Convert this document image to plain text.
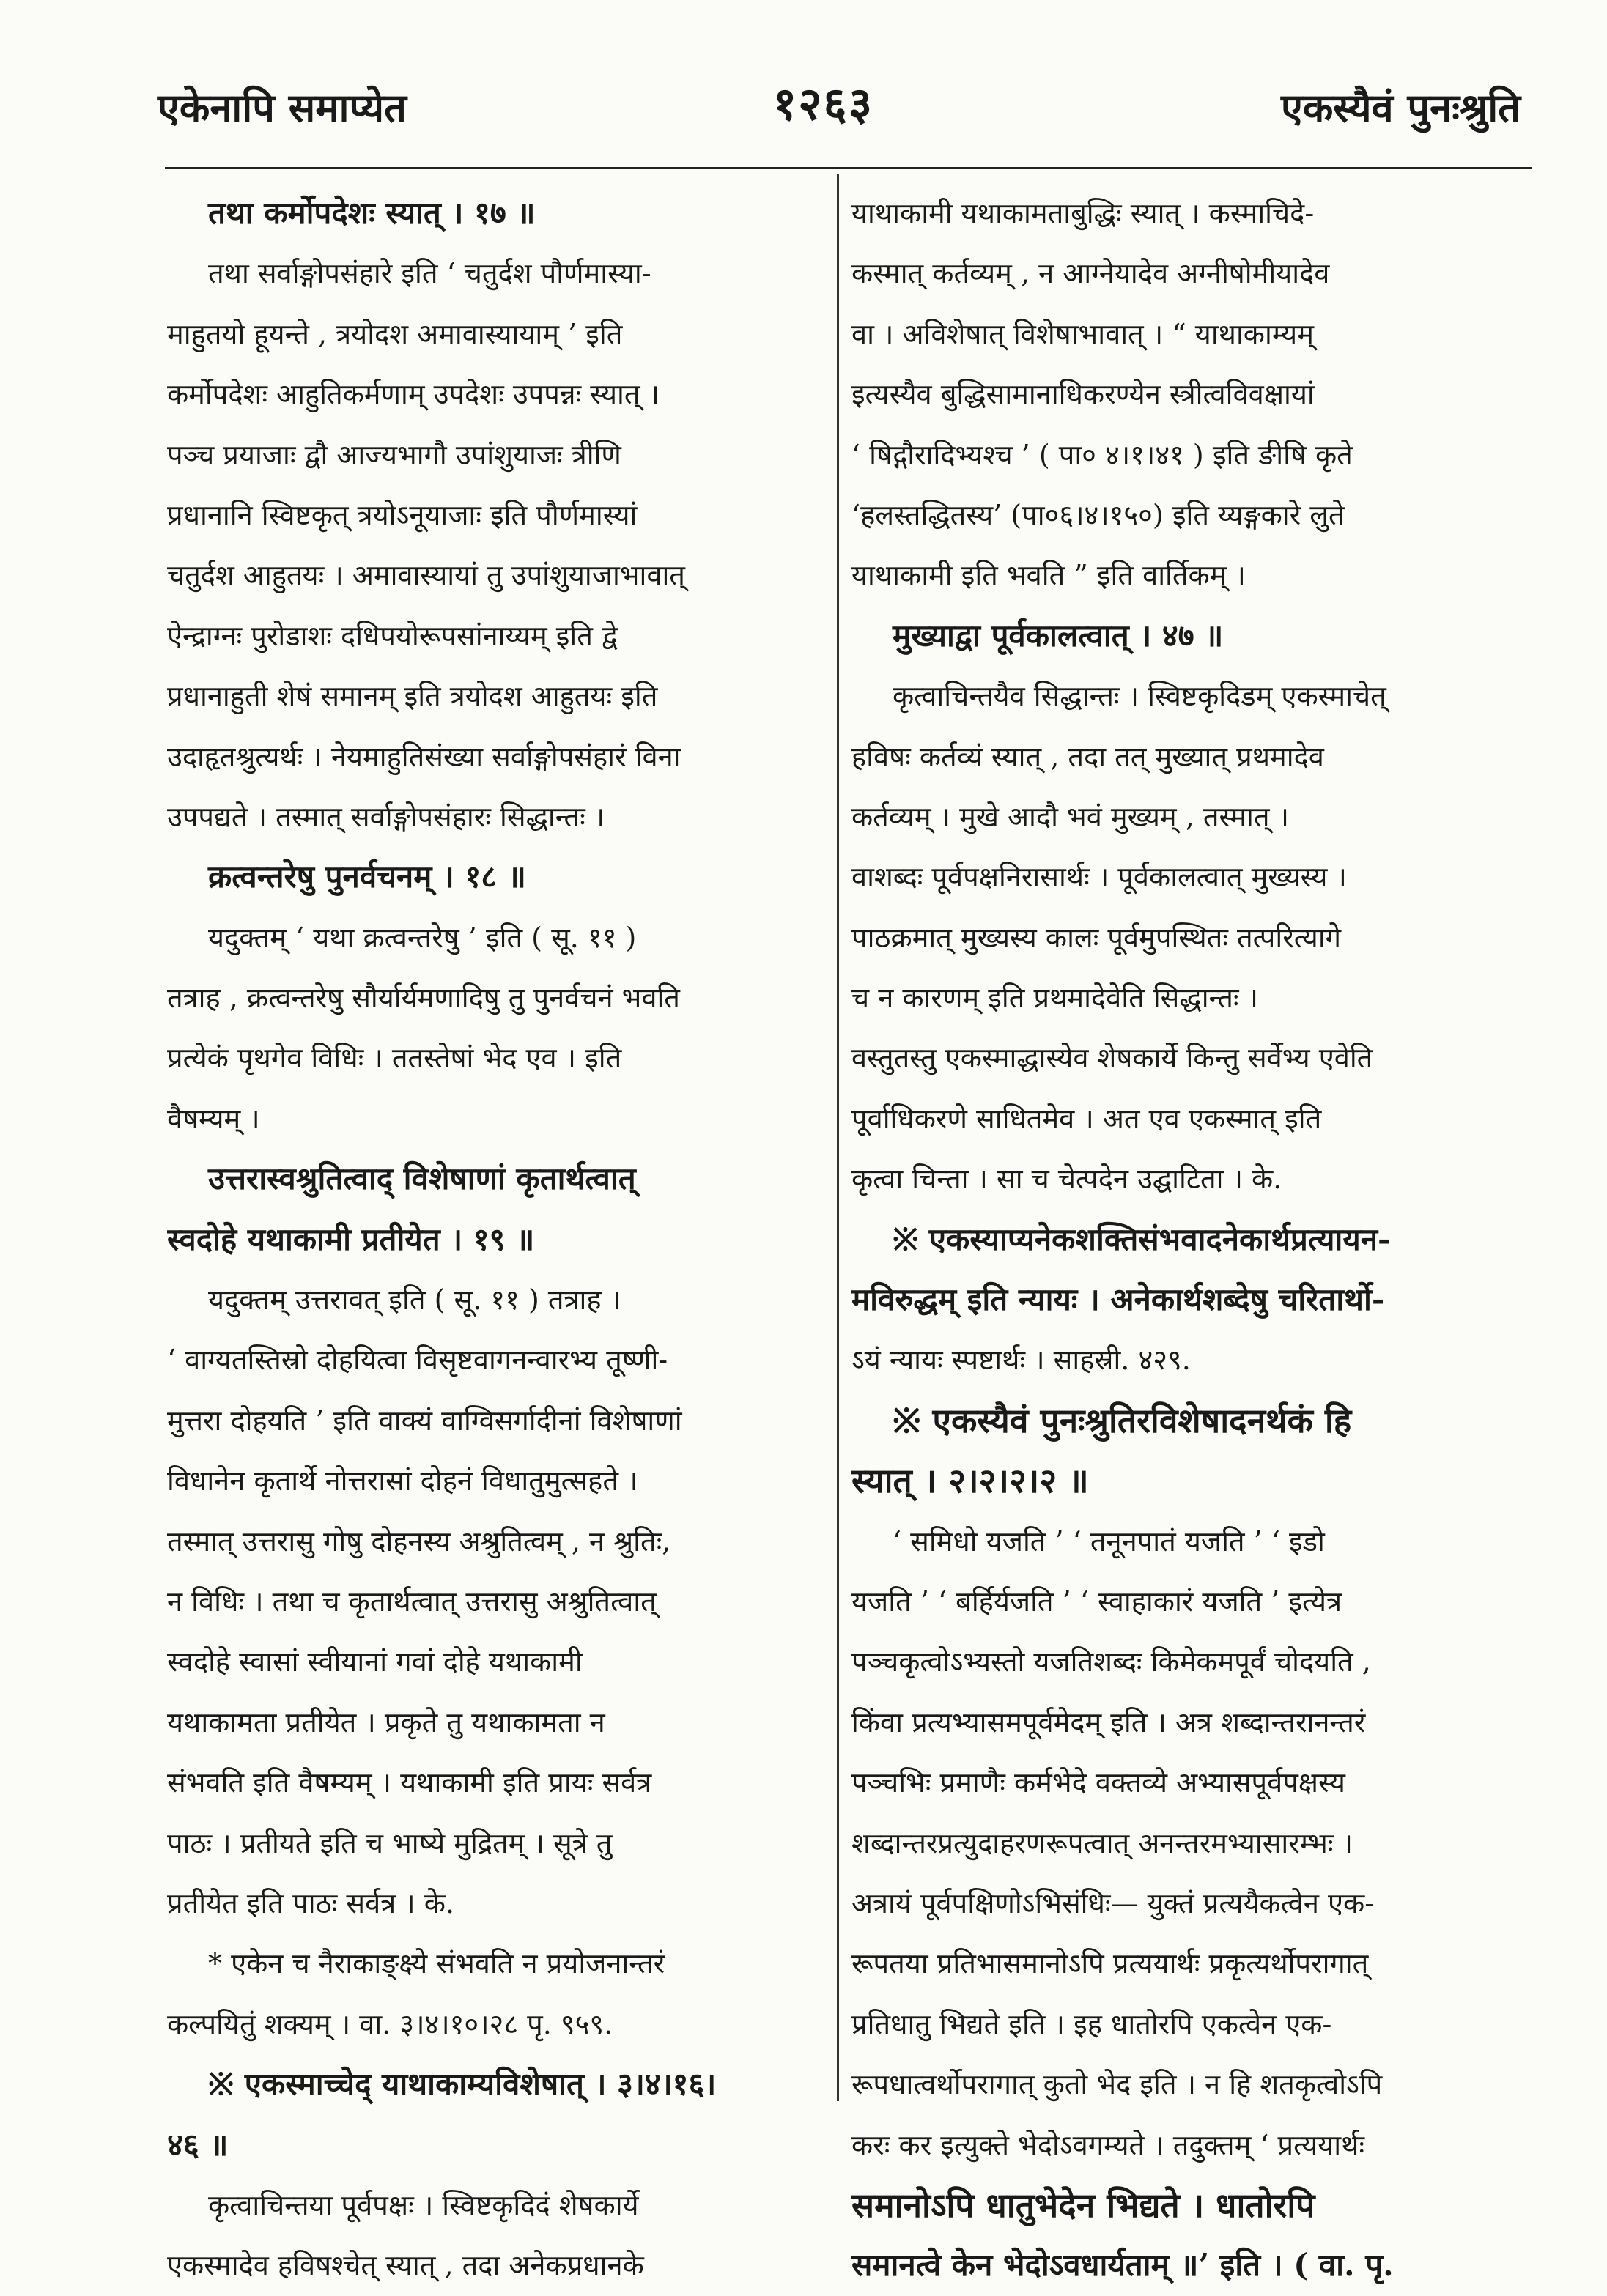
एकेनापि समाप्येत	१२६३	एकस्यैवं पुनःश्रुति
तथा कर्मोपदेशः स्यात् । १७ ॥
तथा सर्वाङ्गोपसंहारे इति ‘ चतुर्दश पौर्णमास्या-
माहुतयो हूयन्ते , त्रयोदश अमावास्यायाम् ’ इति
कर्मोपदेशः आहुतिकर्मणाम् उपदेशः उपपन्नः स्यात् ।
पञ्च प्रयाजाः द्वौ आज्यभागौ उपांशुयाजः त्रीणि
प्रधानानि स्विष्टकृत् त्रयोऽनूयाजाः इति पौर्णमास्यां
चतुर्दश आहुतयः । अमावास्यायां तु उपांशुयाजाभावात्
ऐन्द्राग्नः पुरोडाशः दधिपयोरूपसांनाय्यम् इति द्वे
प्रधानाहुती शेषं समानम् इति त्रयोदश आहुतयः इति
उदाहृतश्रुत्यर्थः । नेयमाहुतिसंख्या सर्वाङ्गोपसंहारं विना
उपपद्यते । तस्मात् सर्वाङ्गोपसंहारः सिद्धान्तः ।
क्रत्वन्तरेषु पुनर्वचनम् । १८ ॥
यदुक्तम् ‘ यथा क्रत्वन्तरेषु ’ इति ( सू. ११ )
तत्राह , क्रत्वन्तरेषु सौर्यार्यमणादिषु तु पुनर्वचनं भवति
प्रत्येकं पृथगेव विधिः । ततस्तेषां भेद एव । इति
वैषम्यम् ।
उत्तरास्वश्रुतित्वाद् विशेषाणां कृतार्थत्वात्
स्वदोहे यथाकामी प्रतीयेत । १९ ॥
यदुक्तम् उत्तरावत् इति ( सू. ११ ) तत्राह ।
‘ वाग्यतस्तिस्रो दोहयित्वा विसृष्टवागनन्वारभ्य तूष्णी-
मुत्तरा दोहयति ’ इति वाक्यं वाग्विसर्गादीनां विशेषाणां
विधानेन कृतार्थे नोत्तरासां दोहनं विधातुमुत्सहते ।
तस्मात् उत्तरासु गोषु दोहनस्य अश्रुतित्वम् , न श्रुतिः,
न विधिः । तथा च कृतार्थत्वात् उत्तरासु अश्रुतित्वात्
स्वदोहे स्वासां स्वीयानां गवां दोहे यथाकामी
यथाकामता प्रतीयेत । प्रकृते तु यथाकामता न
संभवति इति वैषम्यम् । यथाकामी इति प्रायः सर्वत्र
पाठः । प्रतीयते इति च भाष्ये मुद्रितम् । सूत्रे तु
प्रतीयेत इति पाठः सर्वत्र । के.
* एकेन च नैराकाङ्क्ष्ये संभवति न प्रयोजनान्तरं
कल्पयितुं शक्यम् । वा. ३।४।१०।२८ पृ. ९५९.
※ एकस्माच्चेद् याथाकाम्यविशेषात् । ३।४।१६।
४६ ॥
कृत्वाचिन्तया पूर्वपक्षः । स्विष्टकृदिदं शेषकार्ये
एकस्मादेव हविषश्चेत् स्यात् , तदा अनेकप्रधानके
याथाकामी यथाकामताबुद्धिः स्यात् । कस्माचिदे-
कस्मात् कर्तव्यम् , न आग्नेयादेव अग्नीषोमीयादेव
वा । अविशेषात् विशेषाभावात् । “ याथाकाम्यम्
इत्यस्यैव बुद्धिसामानाधिकरण्येन स्त्रीत्वविवक्षायां
‘ षिद्गौरादिभ्यश्च ’ ( पा० ४।१।४१ ) इति ङीषि कृते
‘हलस्तद्धितस्य’ (पा०६।४।१५०) इति य्यङ्गकारे लुते
याथाकामी इति भवति ” इति वार्तिकम् ।
मुख्याद्वा पूर्वकालत्वात् । ४७ ॥
कृत्वाचिन्तयैव सिद्धान्तः । स्विष्टकृदिडम् एकस्माचेत्
हविषः कर्तव्यं स्यात् , तदा तत् मुख्यात् प्रथमादेव
कर्तव्यम् । मुखे आदौ भवं मुख्यम् , तस्मात् ।
वाशब्दः पूर्वपक्षनिरासार्थः । पूर्वकालत्वात् मुख्यस्य ।
पाठक्रमात् मुख्यस्य कालः पूर्वमुपस्थितः तत्परित्यागे
च न कारणम् इति प्रथमादेवेति सिद्धान्तः ।
वस्तुतस्तु एकस्माद्धास्येव शेषकार्ये किन्तु सर्वेभ्य एवेति
पूर्वाधिकरणे साधितमेव । अत एव एकस्मात् इति
कृत्वा चिन्ता । सा च चेत्पदेन उद्घाटिता । के.
※ एकस्याप्यनेकशक्तिसंभवादनेकार्थप्रत्यायन-
मविरुद्धम् इति न्यायः । अनेकार्थशब्देषु चरितार्थो-
ऽयं न्यायः स्पष्टार्थः । साहस्री. ४२९.
※ एकस्यैवं पुनःश्रुतिरविशेषादनर्थकं हि
स्यात् । २।२।२।२ ॥
‘ समिधो यजति ’ ‘ तनूनपातं यजति ’ ‘ इडो
यजति ’ ‘ बर्हिर्यजति ’ ‘ स्वाहाकारं यजति ’ इत्येत्र
पञ्चकृत्वोऽभ्यस्तो यजतिशब्दः किमेकमपूर्वं चोदयति ,
किंवा प्रत्यभ्यासमपूर्वमेदम् इति । अत्र शब्दान्तरानन्तरं
पञ्चभिः प्रमाणैः कर्मभेदे वक्तव्ये अभ्यासपूर्वपक्षस्य
शब्दान्तरप्रत्युदाहरणरूपत्वात् अनन्तरमभ्यासारम्भः ।
अत्रायं पूर्वपक्षिणोऽभिसंधिः— युक्तं प्रत्ययैकत्वेन एक-
रूपतया प्रतिभासमानोऽपि प्रत्ययार्थः प्रकृत्यर्थोपरागात्
प्रतिधातु भिद्यते इति । इह धातोरपि एकत्वेन एक-
रूपधात्वर्थोपरागात् कुतो भेद इति । न हि शतकृत्वोऽपि
करः कर इत्युक्ते भेदोऽवगम्यते । तदुक्तम् ‘ प्रत्ययार्थः
समानोऽपि धातुभेदेन भिद्यते । धातोरपि
समानत्वे केन भेदोऽवधार्यताम् ॥’ इति । ( वा. पृ.
